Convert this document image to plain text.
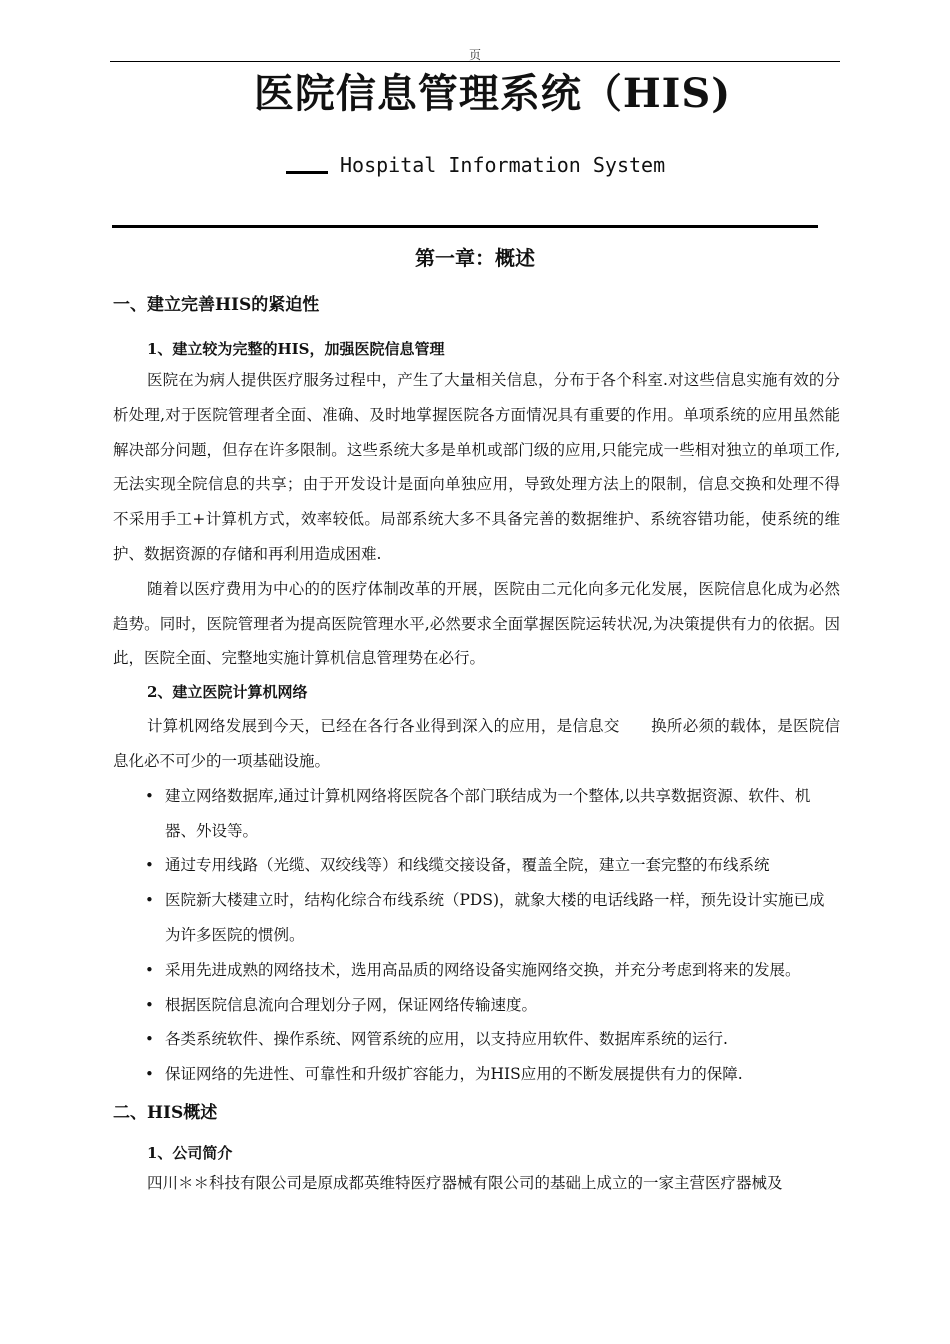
页
医院信息管理系统（HIS)
Hospital Information System
第一章：概述
一、建立完善HIS的紧迫性
1、建立较为完整的HIS，加强医院信息管理

医院在为病人提供医疗服务过程中，产生了大量相关信息，分布于各个科室.对这些信息实施有效的分析处理,对于医院管理者全面、准确、及时地掌握医院各方面情况具有重要的作用。单项系统的应用虽然能解决部分问题，但存在许多限制。这些系统大多是单机或部门级的应用,只能完成一些相对独立的单项工作,无法实现全院信息的共享；由于开发设计是面向单独应用，导致处理方法上的限制，信息交换和处理不得不采用手工+计算机方式，效率较低。局部系统大多不具备完善的数据维护、系统容错功能，使系统的维护、数据资源的存储和再利用造成困难.

随着以医疗费用为中心的的医疗体制改革的开展，医院由二元化向多元化发展，医院信息化成为必然趋势。同时，医院管理者为提高医院管理水平,必然要求全面掌握医院运转状况,为决策提供有力的依据。因此，医院全面、完整地实施计算机信息管理势在必行。

2、建立医院计算机网络

计算机网络发展到今天，已经在各行各业得到深入的应用，是信息交　　换所必须的载体，是医院信息化必不可少的一项基础设施。

• 建立网络数据库,通过计算机网络将医院各个部门联结成为一个整体,以共享数据资源、软件、机器、外设等。
• 通过专用线路（光缆、双绞线等）和线缆交接设备，覆盖全院，建立一套完整的布线系统
• 医院新大楼建立时，结构化综合布线系统（PDS)，就象大楼的电话线路一样，预先设计实施已成为许多医院的惯例。
• 采用先进成熟的网络技术，选用高品质的网络设备实施网络交换，并充分考虑到将来的发展。
• 根据医院信息流向合理划分子网，保证网络传输速度。
• 各类系统软件、操作系统、网管系统的应用，以支持应用软件、数据库系统的运行.
• 保证网络的先进性、可靠性和升级扩容能力，为HIS应用的不断发展提供有力的保障.
二、HIS概述
1、公司简介

四川＊＊科技有限公司是原成都英维特医疗器械有限公司的基础上成立的一家主营医疗器械及
